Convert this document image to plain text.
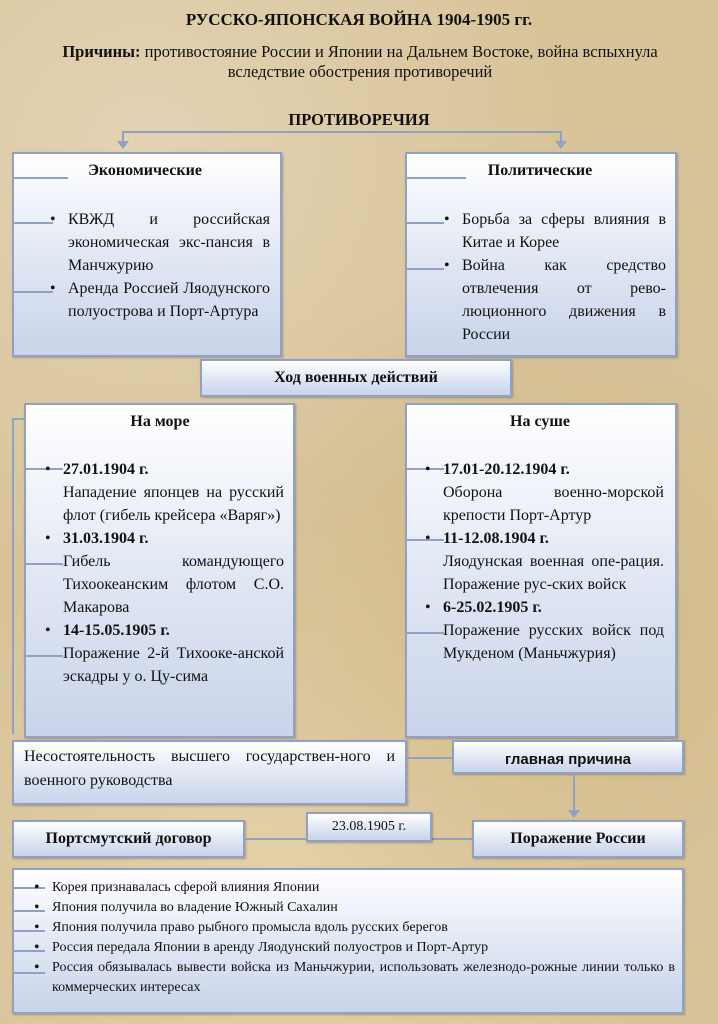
РУССКО-ЯПОНСКАЯ ВОЙНА 1904-1905 гг.
Причины: противостояние России и Японии на Дальнем Востоке, война вспыхнула вследствие обострения противоречий
ПРОТИВОРЕЧИЯ
Экономические
• КВЖД и российская экономическая экс-пансия в Манчжурию
• Аренда Россией Ляодунского полуострова и Порт-Артура
Политические
• Борьба за сферы влияния в Китае и Корее
• Война как средство отвлечения от рево-люционного движения в России
Ход военных действий
На море
• 27.01.1904 г.
Нападение японцев на русский флот (гибель крейсера «Варяг»)
• 31.03.1904 г.
Гибель командующего Тихоокеанским флотом С.О. Макарова
• 14-15.05.1905 г.
Поражение 2-й Тихооке-анской эскадры у о. Цу-сима
На суше
• 17.01-20.12.1904 г.
Оборона военно-морской крепости Порт-Артур
• 11-12.08.1904 г.
Ляодунская военная опе-рация. Поражение рус-ских войск
• 6-25.02.1905 г.
Поражение русских войск под Мукденом (Маньчжурия)
Несостоятельность высшего государствен-ного и военного руководства
главная причина
Портсмутский договор
23.08.1905 г.
Поражение России
• Корея признавалась сферой влияния Японии
• Япония получила во владение Южный Сахалин
• Япония получила право рыбного промысла вдоль русских берегов
• Россия передала Японии в аренду Ляодунский полуостров и Порт-Артур
• Россия обязывалась вывести войска из Маньчжурии, использовать железнодо-рожные линии только в коммерческих интересах
